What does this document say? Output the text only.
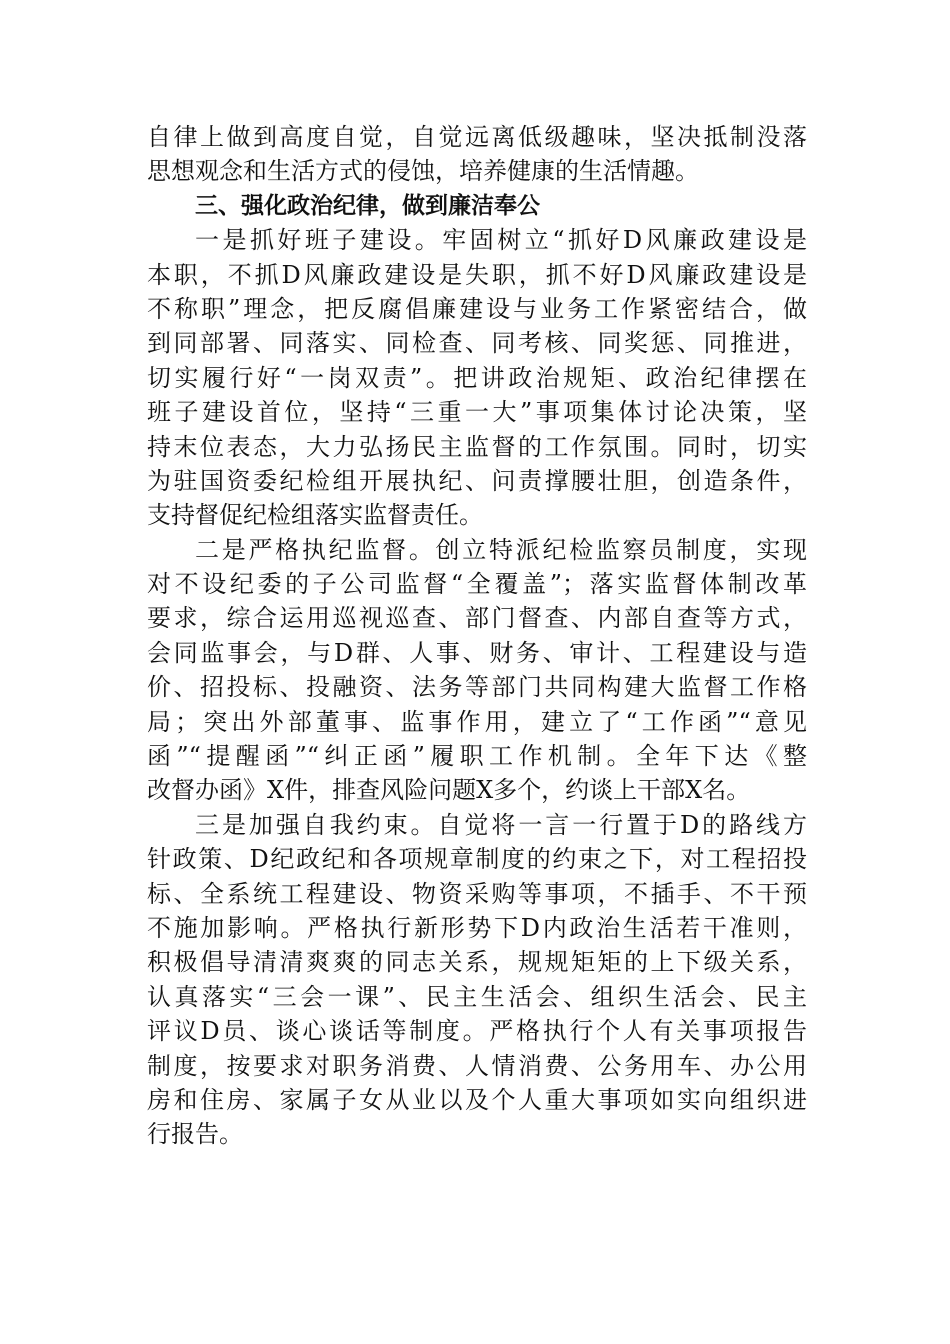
自律上做到高度自觉，自觉远离低级趣味，坚决抵制没落
思想观念和生活方式的侵蚀，培养健康的生活情趣。
三、强化政治纪律，做到廉洁奉公
一是抓好班子建设。牢固树立“抓好D风廉政建设是
本职，不抓D风廉政建设是失职，抓不好D风廉政建设是
不称职”理念，把反腐倡廉建设与业务工作紧密结合，做
到同部署、同落实、同检查、同考核、同奖惩、同推进，
切实履行好“一岗双责”。把讲政治规矩、政治纪律摆在
班子建设首位，坚持“三重一大”事项集体讨论决策，坚
持末位表态，大力弘扬民主监督的工作氛围。同时，切实
为驻国资委纪检组开展执纪、问责撑腰壮胆，创造条件，
支持督促纪检组落实监督责任。
二是严格执纪监督。创立特派纪检监察员制度，实现
对不设纪委的子公司监督“全覆盖”；落实监督体制改革
要求，综合运用巡视巡查、部门督查、内部自查等方式，
会同监事会，与D群、人事、财务、审计、工程建设与造
价、招投标、投融资、法务等部门共同构建大监督工作格
局；突出外部董事、监事作用，建立了“工作函”“意见
函”“提醒函”“纠正函”履职工作机制。全年下达《整
改督办函》X件，排查风险问题X多个，约谈上干部X名。
三是加强自我约束。自觉将一言一行置于D的路线方
针政策、D纪政纪和各项规章制度的约束之下，对工程招投
标、全系统工程建设、物资采购等事项，不插手、不干预
不施加影响。严格执行新形势下D内政治生活若干准则，
积极倡导清清爽爽的同志关系，规规矩矩的上下级关系，
认真落实“三会一课”、民主生活会、组织生活会、民主
评议D员、谈心谈话等制度。严格执行个人有关事项报告
制度，按要求对职务消费、人情消费、公务用车、办公用
房和住房、家属子女从业以及个人重大事项如实向组织进
行报告。
